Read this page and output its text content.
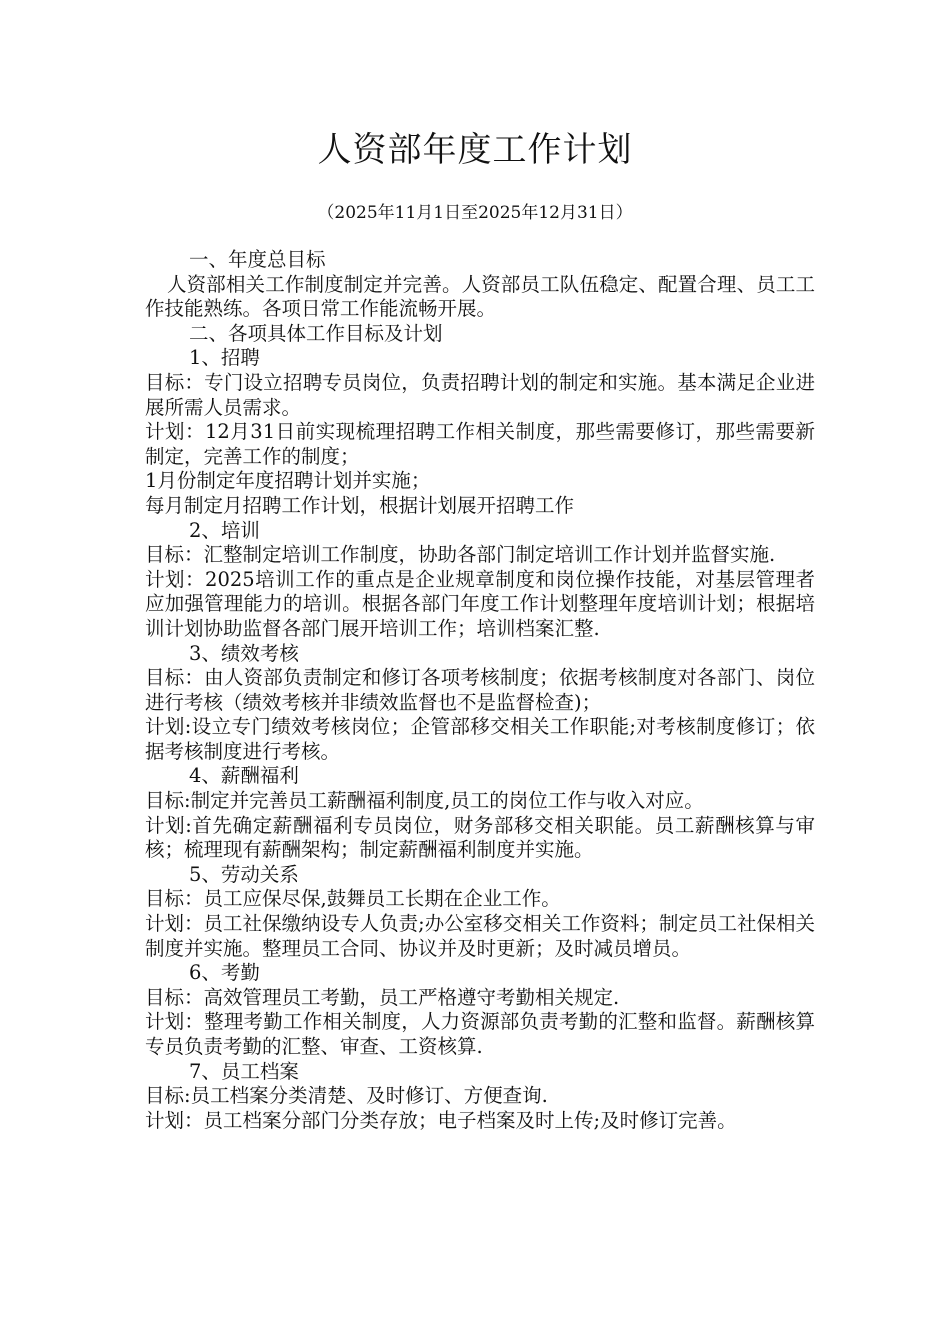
人资部年度工作计划
（2025年11月1日至2025年12月31日）

一、年度总目标

人资部相关工作制度制定并完善。人资部员工队伍稳定、配置合理、员工工作技能熟练。各项日常工作能流畅开展。

二、各项具体工作目标及计划

1、招聘

目标：专门设立招聘专员岗位，负责招聘计划的制定和实施。基本满足企业进展所需人员需求。

计划：12月31日前实现梳理招聘工作相关制度，那些需要修订，那些需要新制定，完善工作的制度；

1月份制定年度招聘计划并实施；

每月制定月招聘工作计划，根据计划展开招聘工作

2、培训

目标：汇整制定培训工作制度，协助各部门制定培训工作计划并监督实施.

计划：2025培训工作的重点是企业规章制度和岗位操作技能，对基层管理者应加强管理能力的培训。根据各部门年度工作计划整理年度培训计划；根据培训计划协助监督各部门展开培训工作；培训档案汇整.

3、绩效考核

目标：由人资部负责制定和修订各项考核制度；依据考核制度对各部门、岗位进行考核（绩效考核并非绩效监督也不是监督检查)；

计划:设立专门绩效考核岗位；企管部移交相关工作职能;对考核制度修订；依据考核制度进行考核。

4、薪酬福利

目标:制定并完善员工薪酬福利制度,员工的岗位工作与收入对应。

计划:首先确定薪酬福利专员岗位，财务部移交相关职能。员工薪酬核算与审核；梳理现有薪酬架构；制定薪酬福利制度并实施。

5、劳动关系

目标：员工应保尽保,鼓舞员工长期在企业工作。

计划：员工社保缴纳设专人负责;办公室移交相关工作资料；制定员工社保相关制度并实施。整理员工合同、协议并及时更新；及时减员增员。

6、考勤

目标：高效管理员工考勤，员工严格遵守考勤相关规定.

计划：整理考勤工作相关制度，人力资源部负责考勤的汇整和监督。薪酬核算专员负责考勤的汇整、审查、工资核算.

7、员工档案

目标:员工档案分类清楚、及时修订、方便查询.

计划：员工档案分部门分类存放；电子档案及时上传;及时修订完善。
